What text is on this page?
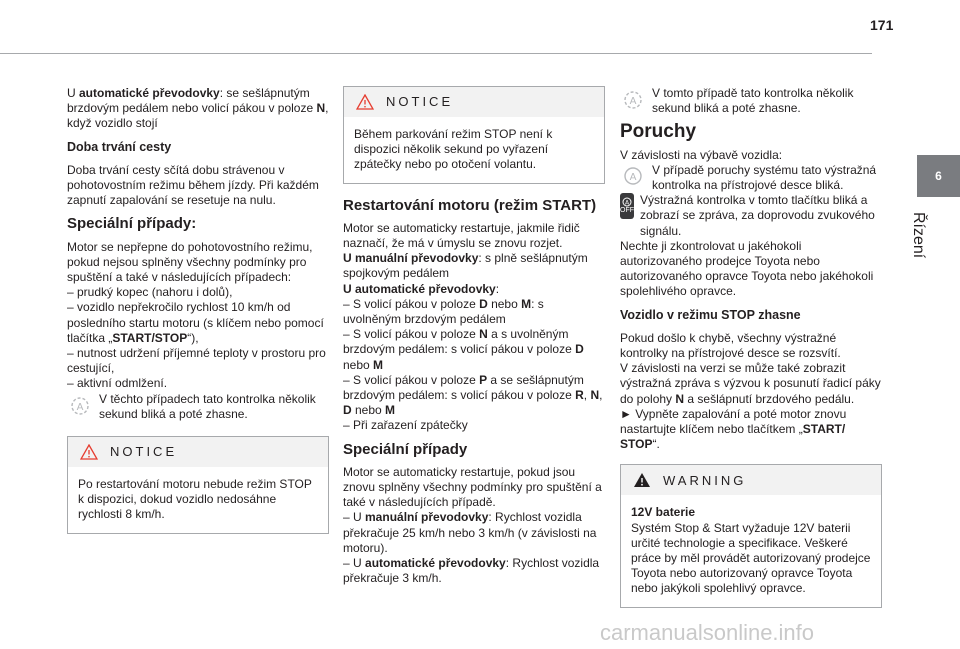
171
6
Řízení

U automatické převodovky: se sešlápnutým brzdovým pedálem nebo volicí pákou v poloze N, když vozidlo stojí

Doba trvání cesty

Doba trvání cesty sčítá dobu strávenou v pohotovostním režimu během jízdy. Při každém zapnutí zapalování se resetuje na nulu.

Speciální případy:

Motor se nepřepne do pohotovostního režimu, pokud nejsou splněny všechny podmínky pro spuštění a také v následujících případech:

– prudký kopec (nahoru i dolů),

– vozidlo nepřekročilo rychlost 10 km/h od posledního startu motoru (s klíčem nebo pomocí tlačítka „START/STOP“),

– nutnost udržení příjemné teploty v prostoru pro cestující,

– aktivní odmlžení.

A
V těchto případech tato kontrolka několik sekund bliká a poté zhasne.
NOTICE
Po restartování motoru nebude režim STOP k dispozici, dokud vozidlo nedosáhne rychlosti 8 km/h.
NOTICE
Během parkování režim STOP není k dispozici několik sekund po vyřazení zpátečky nebo po otočení volantu.
Restartování motoru (režim START)

Motor se automaticky restartuje, jakmile řidič naznačí, že má v úmyslu se znovu rozjet.

U manuální převodovky: s plně sešlápnutým spojkovým pedálem

U automatické převodovky:

– S volicí pákou v poloze D nebo M: s uvolněným brzdovým pedálem

– S volicí pákou v poloze N a s uvolněným brzdovým pedálem: s volicí pákou v poloze D nebo M

– S volicí pákou v poloze P a se sešlápnutým brzdovým pedálem: s volicí pákou v poloze R, N, D nebo M

– Při zařazení zpátečky

Speciální případy

Motor se automaticky restartuje, pokud jsou znovu splněny všechny podmínky pro spuštění a také v následujících případě.

– U manuální převodovky: Rychlost vozidla překračuje 25 km/h nebo 3 km/h (v závislosti na motoru).

– U automatické převodovky: Rychlost vozidla překračuje 3 km/h.

A
V tomto případě tato kontrolka několik sekund bliká a poté zhasne.
Poruchy

V závislosti na výbavě vozidla:

A
V případě poruchy systému tato výstražná kontrolka na přístrojové desce bliká.
A
OFF
Výstražná kontrolka v tomto tlačítku bliká a zobrazí se zpráva, za doprovodu zvukového signálu.

Nechte ji zkontrolovat u jakéhokoli autorizovaného prodejce Toyota nebo autorizovaného opravce Toyota nebo jakéhokoli spolehlivého opravce.

Vozidlo v režimu STOP zhasne

Pokud došlo k chybě, všechny výstražné kontrolky na přístrojové desce se rozsvítí.

V závislosti na verzi se může také zobrazit výstražná zpráva s výzvou k posunutí řadicí páky do polohy N a sešlápnutí brzdového pedálu.

► Vypněte zapalování a poté motor znovu nastartujte klíčem nebo tlačítkem „START/ STOP“.

WARNING
12V baterie
Systém Stop & Start vyžaduje 12V baterii určité technologie a specifikace. Veškeré práce by měl provádět autorizovaný prodejce Toyota nebo autorizovaný opravce Toyota nebo jakýkoli spolehlivý opravce.
carmanualsonline.info
